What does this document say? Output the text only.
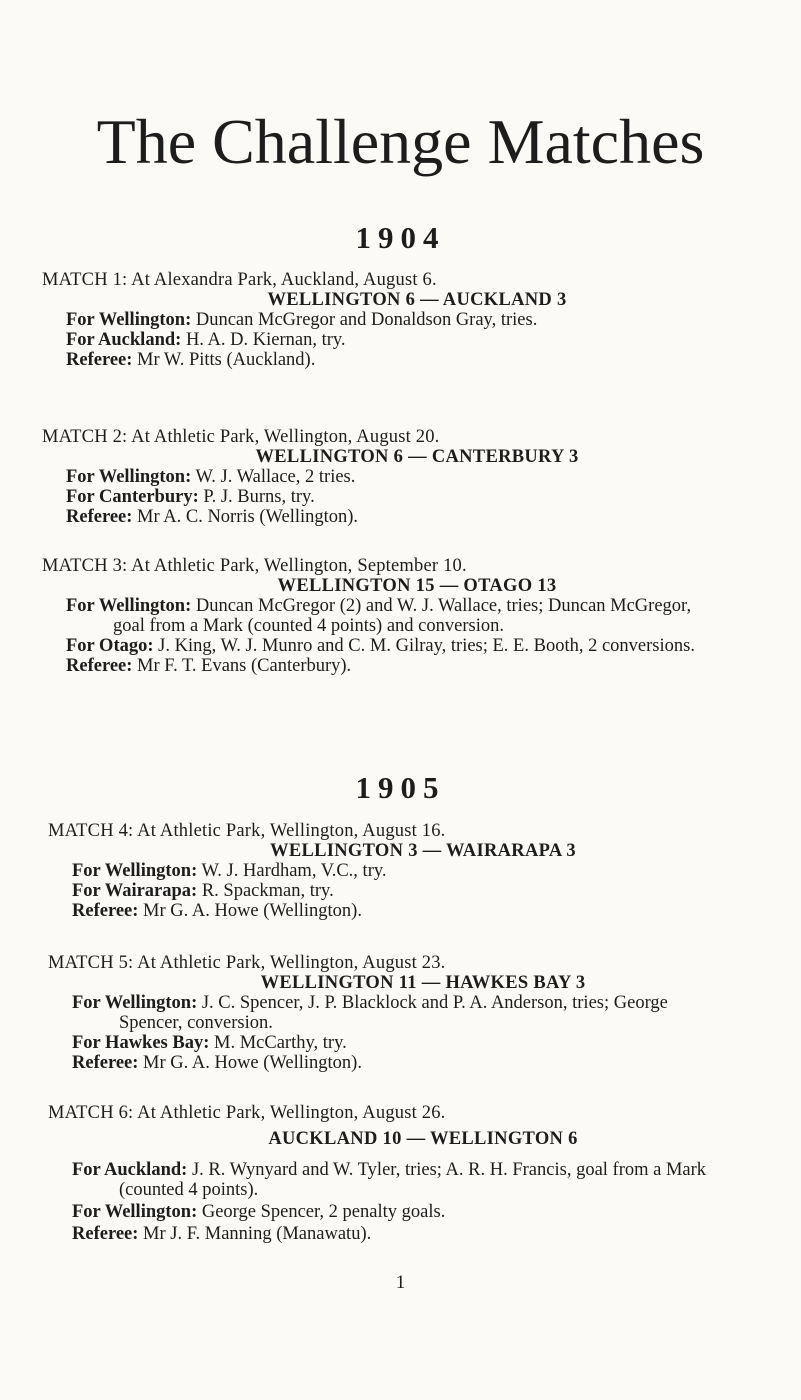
The Challenge Matches
1904

MATCH 1: At Alexandra Park, Auckland, August 6.

WELLINGTON 6 — AUCKLAND 3

For Wellington: Duncan McGregor and Donaldson Gray, tries.

For Auckland: H. A. D. Kiernan, try.

Referee: Mr W. Pitts (Auckland).

MATCH 2: At Athletic Park, Wellington, August 20.

WELLINGTON 6 — CANTERBURY 3

For Wellington: W. J. Wallace, 2 tries.

For Canterbury: P. J. Burns, try.

Referee: Mr A. C. Norris (Wellington).

MATCH 3: At Athletic Park, Wellington, September 10.

WELLINGTON 15 — OTAGO 13

For Wellington: Duncan McGregor (2) and W. J. Wallace, tries; Duncan McGregor, goal from a Mark (counted 4 points) and conversion.

For Otago: J. King, W. J. Munro and C. M. Gilray, tries; E. E. Booth, 2 conversions.

Referee: Mr F. T. Evans (Canterbury).

1905

MATCH 4: At Athletic Park, Wellington, August 16.

WELLINGTON 3 — WAIRARAPA 3

For Wellington: W. J. Hardham, V.C., try.

For Wairarapa: R. Spackman, try.

Referee: Mr G. A. Howe (Wellington).

MATCH 5: At Athletic Park, Wellington, August 23.

WELLINGTON 11 — HAWKES BAY 3

For Wellington: J. C. Spencer, J. P. Blacklock and P. A. Anderson, tries; George Spencer, conversion.

For Hawkes Bay: M. McCarthy, try.

Referee: Mr G. A. Howe (Wellington).

MATCH 6: At Athletic Park, Wellington, August 26.

AUCKLAND 10 — WELLINGTON 6

For Auckland: J. R. Wynyard and W. Tyler, tries; A. R. H. Francis, goal from a Mark (counted 4 points).

For Wellington: George Spencer, 2 penalty goals.

Referee: Mr J. F. Manning (Manawatu).

1
